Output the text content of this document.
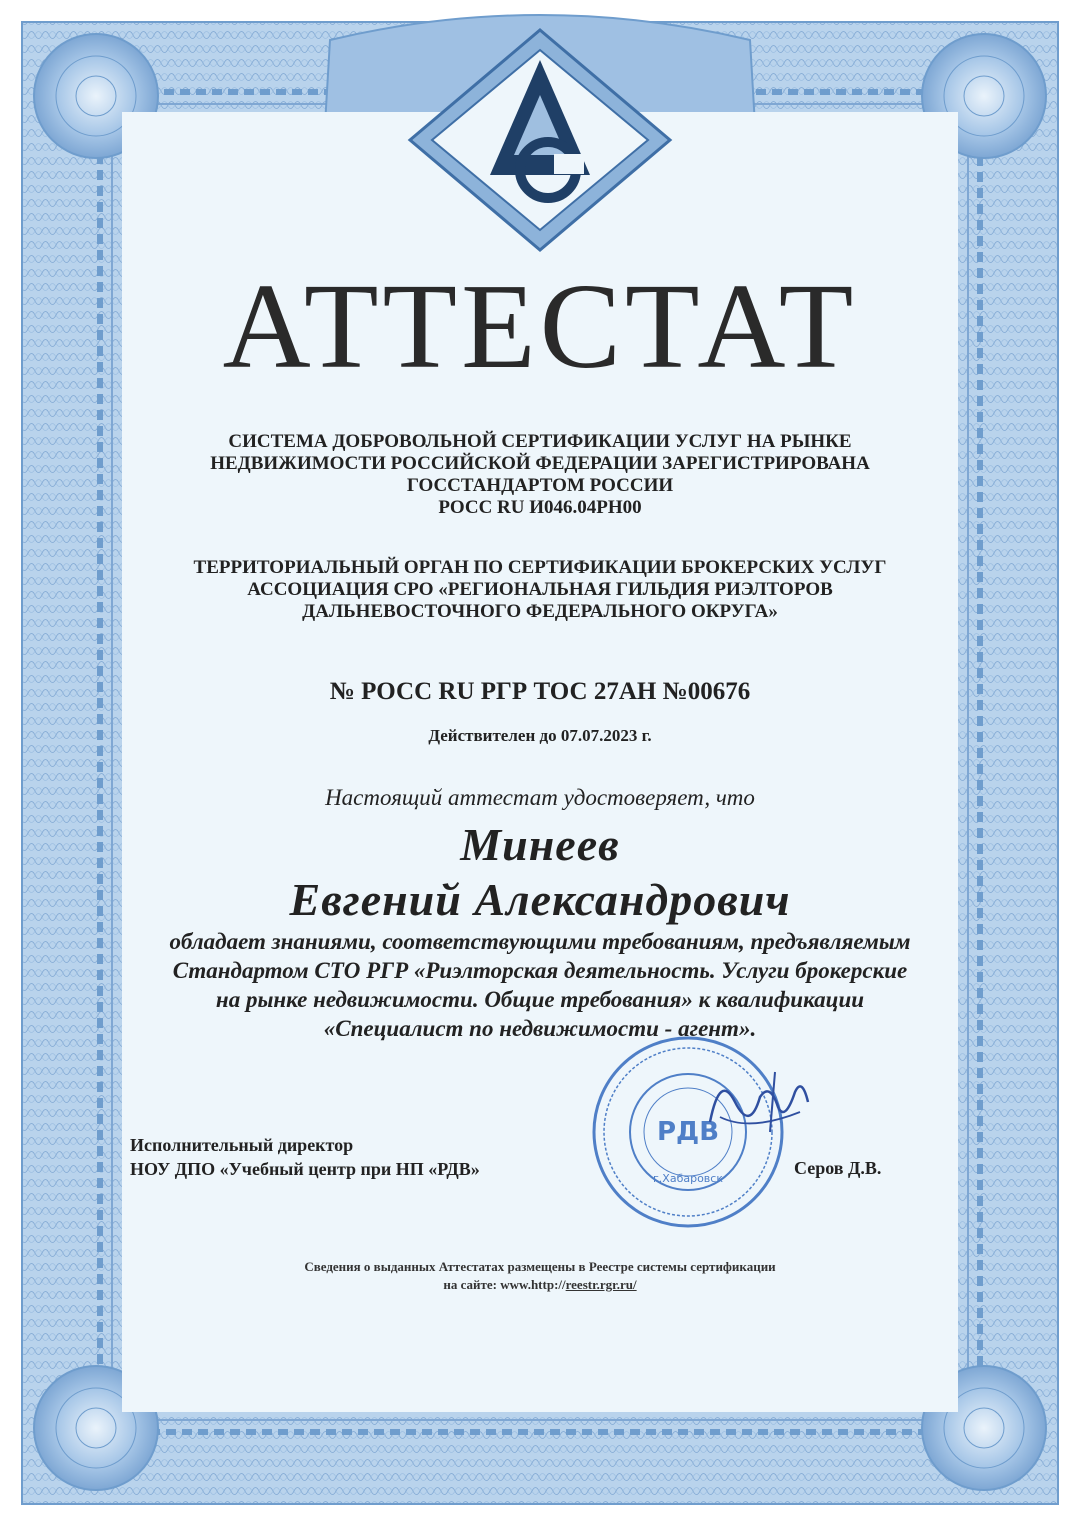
АТТЕСТАТ
СИСТЕМА ДОБРОВОЛЬНОЙ СЕРТИФИКАЦИИ УСЛУГ НА РЫНКЕ
НЕДВИЖИМОСТИ РОССИЙСКОЙ ФЕДЕРАЦИИ ЗАРЕГИСТРИРОВАНА
ГОССТАНДАРТОМ РОССИИ
РОСС RU И046.04РН00
ТЕРРИТОРИАЛЬНЫЙ ОРГАН ПО СЕРТИФИКАЦИИ БРОКЕРСКИХ УСЛУГ
АССОЦИАЦИЯ СРО «РЕГИОНАЛЬНАЯ ГИЛЬДИЯ РИЭЛТОРОВ
ДАЛЬНЕВОСТОЧНОГО ФЕДЕРАЛЬНОГО ОКРУГА»
№ РОСС RU РГР ТОС 27АН №00676
Действителен до 07.07.2023 г.
Настоящий аттестат удостоверяет, что
Минеев
Евгений Александрович
обладает знаниями, соответствующими требованиям, предъявляемым
Стандартом СТО РГР «Риэлторская деятельность. Услуги брокерские
на рынке недвижимости. Общие требования» к квалификации
«Специалист по недвижимости - агент».
РДВ
г.Хабаровск
Исполнительный директор
НОУ ДПО «Учебный центр при НП «РДВ»	Серов Д.В.
Сведения о выданных Аттестатах размещены в Реестре системы сертификации
на сайте: www.http://reestr.rgr.ru/
